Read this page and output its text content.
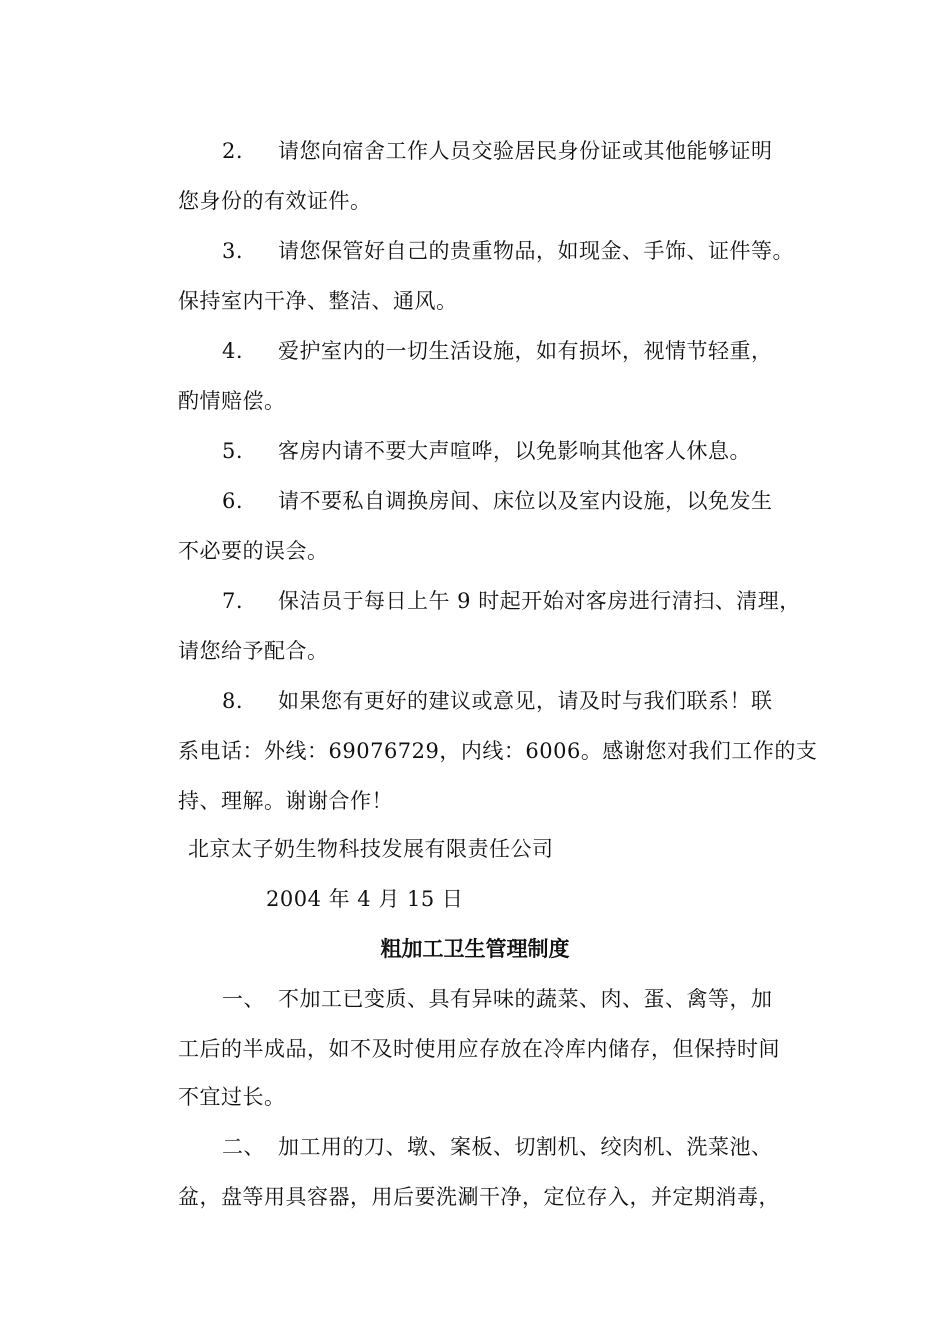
2. 请您向宿舍工作人员交验居民身份证或其他能够证明
您身份的有效证件。
3. 请您保管好自己的贵重物品，如现金、手饰、证件等。
保持室内干净、整洁、通风。
4. 爱护室内的一切生活设施，如有损坏，视情节轻重，
酌情赔偿。
5. 客房内请不要大声喧哗，以免影响其他客人休息。
6. 请不要私自调换房间、床位以及室内设施，以免发生
不必要的误会。
7. 保洁员于每日上午 9 时起开始对客房进行清扫、清理，
请您给予配合。
8. 如果您有更好的建议或意见，请及时与我们联系！联
系电话：外线：69076729，内线：6006。感谢您对我们工作的支
持、理解。谢谢合作！
北京太子奶生物科技发展有限责任公司
2004 年 4 月 15 日
粗加工卫生管理制度
一、 不加工已变质、具有异味的蔬菜、肉、蛋、禽等，加
工后的半成品，如不及时使用应存放在冷库内储存，但保持时间
不宜过长。
二、 加工用的刀、墩、案板、切割机、绞肉机、洗菜池、
盆，盘等用具容器，用后要洗涮干净，定位存入，并定期消毒，
